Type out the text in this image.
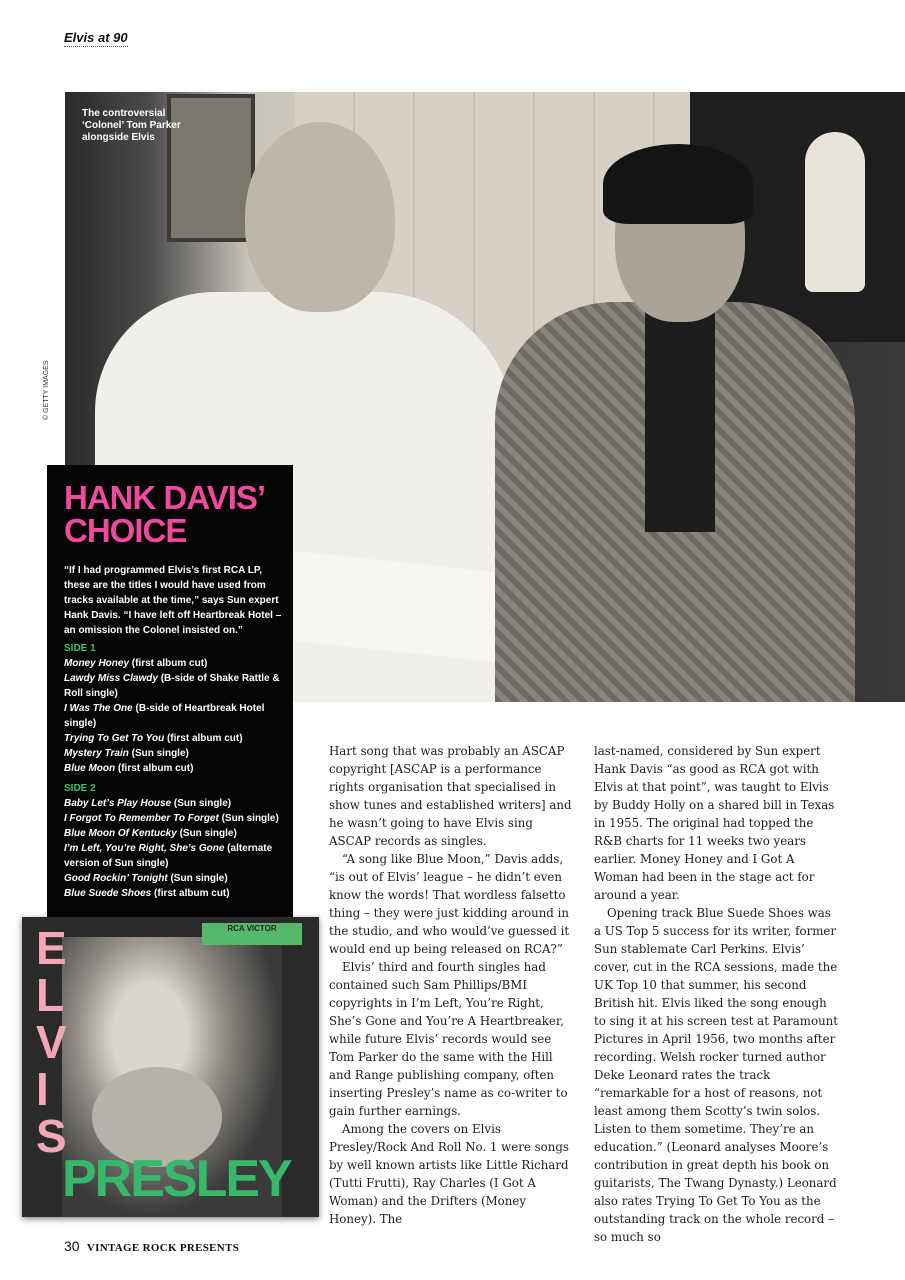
Elvis at 90
The controversial ‘Colonel’ Tom Parker alongside Elvis
© GETTY IMAGES
HANK DAVIS’ CHOICE
“If I had programmed Elvis’s first RCA LP, these are the titles I would have used from tracks available at the time,” says Sun expert Hank Davis. “I have left off Heartbreak Hotel – an omission the Colonel insisted on.”
SIDE 1
Money Honey (first album cut)
Lawdy Miss Clawdy (B-side of Shake Rattle & Roll single)
I Was The One (B-side of Heartbreak Hotel single)
Trying To Get To You (first album cut)
Mystery Train (Sun single)
Blue Moon (first album cut)
SIDE 2
Baby Let’s Play House (Sun single)
I Forgot To Remember To Forget (Sun single)
Blue Moon Of Kentucky (Sun single)
I’m Left, You’re Right, She’s Gone (alternate version of Sun single)
Good Rockin’ Tonight (Sun single)
Blue Suede Shoes (first album cut)
RCA VICTOR
ELVIS
PRESLEY

Hart song that was probably an ASCAP copyright [ASCAP is a performance rights organisation that specialised in show tunes and established writers] and he wasn’t going to have Elvis sing ASCAP records as singles.

“A song like Blue Moon,” Davis adds, “is out of Elvis’ league – he didn’t even know the words! That wordless falsetto thing – they were just kidding around in the studio, and who would’ve guessed it would end up being released on RCA?”

Elvis’ third and fourth singles had contained such Sam Phillips/BMI copyrights in I’m Left, You’re Right, She’s Gone and You’re A Heartbreaker, while future Elvis’ records would see Tom Parker do the same with the Hill and Range publishing company, often inserting Presley’s name as co-writer to gain further earnings.

Among the covers on Elvis Presley/Rock And Roll No. 1 were songs by well known artists like Little Richard (Tutti Frutti), Ray Charles (I Got A Woman) and the Drifters (Money Honey). The

last-named, considered by Sun expert Hank Davis “as good as RCA got with Elvis at that point”, was taught to Elvis by Buddy Holly on a shared bill in Texas in 1955. The original had topped the R&B charts for 11 weeks two years earlier. Money Honey and I Got A Woman had been in the stage act for around a year.

Opening track Blue Suede Shoes was a US Top 5 success for its writer, former Sun stablemate Carl Perkins. Elvis’ cover, cut in the RCA sessions, made the UK Top 10 that summer, his second British hit. Elvis liked the song enough to sing it at his screen test at Paramount Pictures in April 1956, two months after recording. Welsh rocker turned author Deke Leonard rates the track “remarkable for a host of reasons, not least among them Scotty’s twin solos. Listen to them sometime. They’re an education.” (Leonard analyses Moore’s contribution in great depth his book on guitarists, The Twang Dynasty.) Leonard also rates Trying To Get To You as the outstanding track on the whole record – so much so

30 VINTAGE ROCK PRESENTS
